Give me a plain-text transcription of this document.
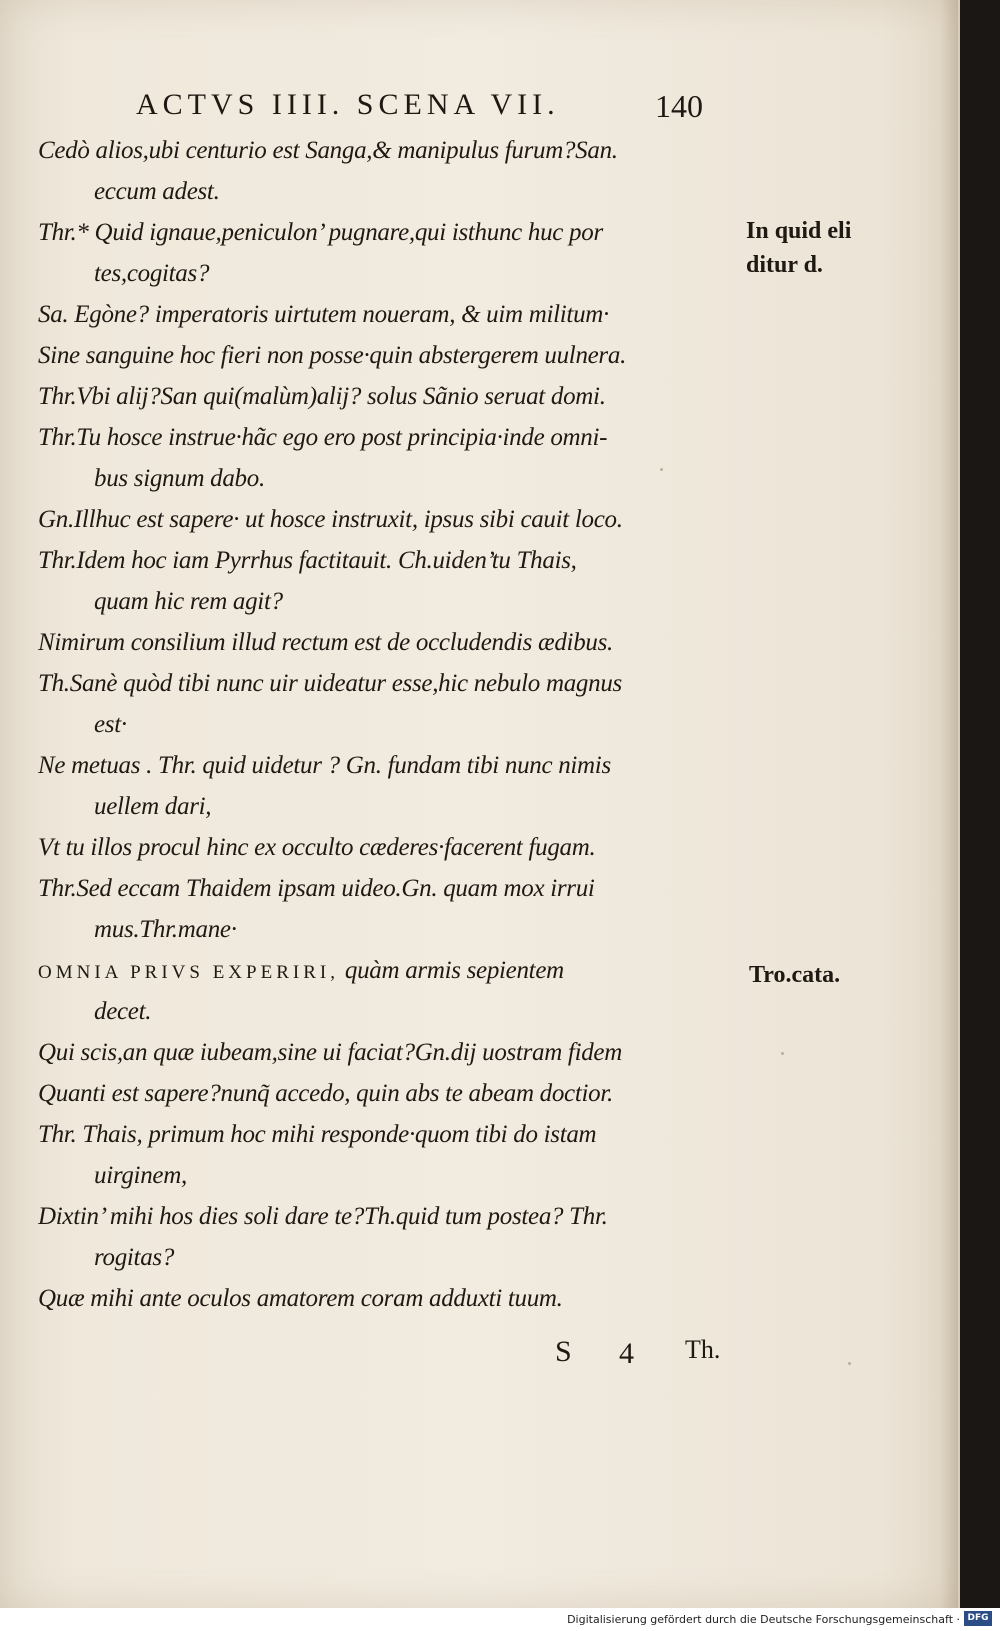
ACTVS IIII. SCENA VII.	140
Cedò alios,ubi centurio est Sanga,& manipulus furum?San.
eccum adest.
Thr.* Quid ignaue,peniculon’ pugnare,qui isthunc huc por
tes,cogitas?
Sa. Egòne? imperatoris uirtutem noueram, & uim militum·
Sine sanguine hoc fieri non posse·quin abstergerem uulnera.
Thr.Vbi alij?San qui(malùm)alij? solus Sãnio seruat domi.
Thr.Tu hosce instrue·hãc ego ero post principia·inde omni-
bus signum dabo.
Gn.Illhuc est sapere· ut hosce instruxit, ipsus sibi cauit loco.
Thr.Idem hoc iam Pyrrhus factitauit. Ch.uiden’tu Thais,
quam hic rem agit?
Nimirum consilium illud rectum est de occludendis ædibus.
Th.Sanè quòd tibi nunc uir uideatur esse,hic nebulo magnus
est·
Ne metuas . Thr. quid uidetur ? Gn. fundam tibi nunc nimis
uellem dari,
Vt tu illos procul hinc ex occulto cæderes·facerent fugam.
Thr.Sed eccam Thaidem ipsam uideo.Gn. quam mox irrui
mus.Thr.mane·
OMNIA PRIVS EXPERIRI, quàm armis sepientem
decet.
Qui scis,an quæ iubeam,sine ui faciat?Gn.dij uostram fidem
Quanti est sapere?nunq̃ accedo, quin abs te abeam doctior.
Thr. Thais, primum hoc mihi responde·quom tibi do istam
uirginem,
Dixtin’ mihi hos dies soli dare te?Th.quid tum postea? Thr.
rogitas?
Quæ mihi ante oculos amatorem coram adduxti tuum.
In quid eli
ditur d.
Tro.cata.
S 4 Th.
Digitalisierung gefördert durch die Deutsche Forschungsgemeinschaft · DFG
